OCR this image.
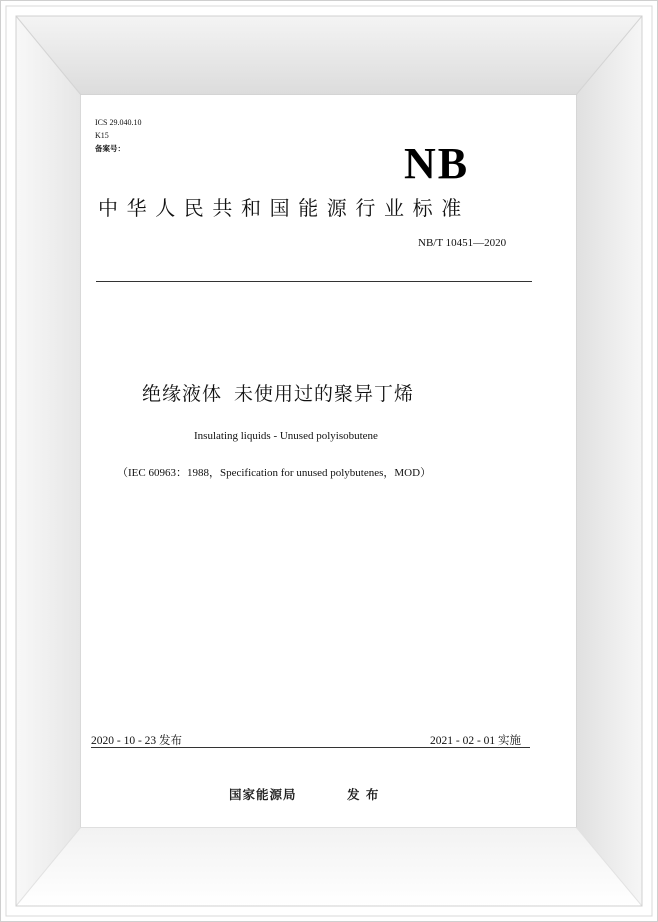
ICS 29.040.10
K15
备案号：	NB
中华人民共和国能源行业标准
NB/T 10451—2020
绝缘液体 未使用过的聚异丁烯
Insulating liquids - Unused polyisobutene
（IEC 60963：1988，Specification for unused polybutenes，MOD）
2020 - 10 - 23 发布	2021 - 02 - 01 实施
国家能源局	发 布
